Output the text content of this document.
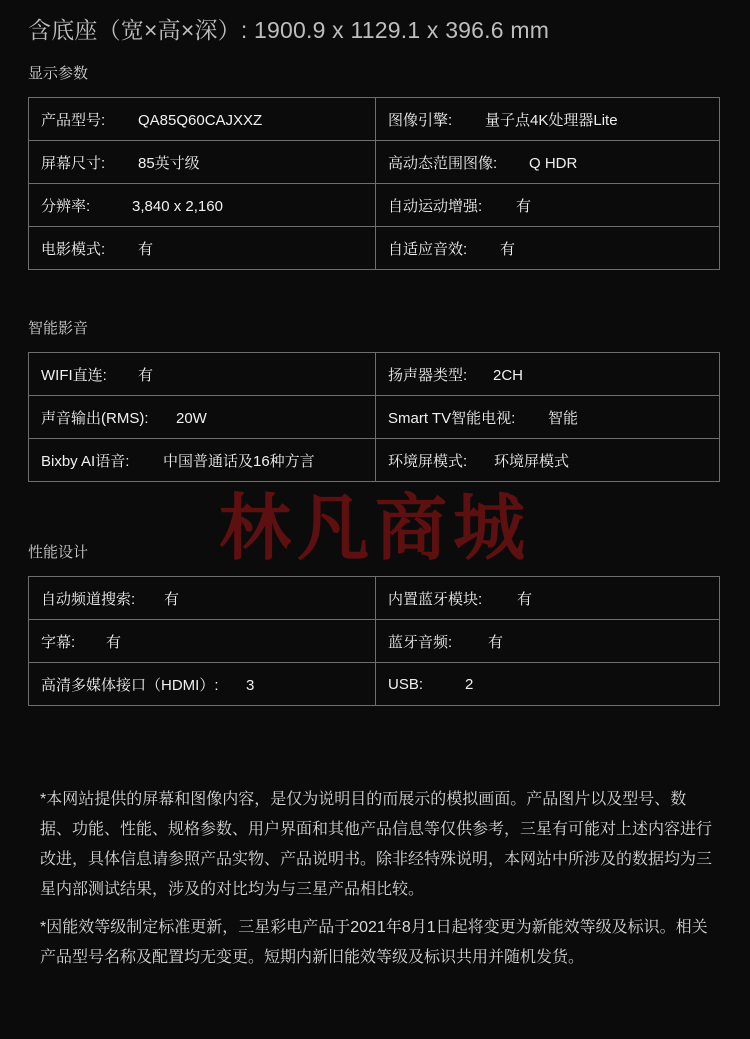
含底座（宽×高×深）: 1900.9 x 1129.1 x 396.6 mm
显示参数
产品型号: QA85Q60CAJXXZ	图像引擎: 量子点4K处理器Lite
屏幕尺寸: 85英寸级	高动态范围图像: Q HDR
分辨率: 3,840 x 2,160	自动运动增强: 有
电影模式: 有	自适应音效: 有
智能影音
WIFI直连: 有	扬声器类型: 2CH
声音输出(RMS): 20W	Smart TV智能电视: 智能
Bixby AI语音: 中国普通话及16种方言	环境屏模式: 环境屏模式
性能设计
自动频道搜索: 有	内置蓝牙模块: 有
字幕: 有	蓝牙音频: 有
高清多媒体接口（HDMI）: 3	USB: 2
林凡商城

*本网站提供的屏幕和图像内容，是仅为说明目的而展示的模拟画面。产品图片以及型号、数据、功能、性能、规格参数、用户界面和其他产品信息等仅供参考，三星有可能对上述内容进行改进，具体信息请参照产品实物、产品说明书。除非经特殊说明，本网站中所涉及的数据均为三星内部测试结果，涉及的对比均为与三星产品相比较。

*因能效等级制定标准更新，三星彩电产品于2021年8月1日起将变更为新能效等级及标识。相关产品型号名称及配置均无变更。短期内新旧能效等级及标识共用并随机发货。
